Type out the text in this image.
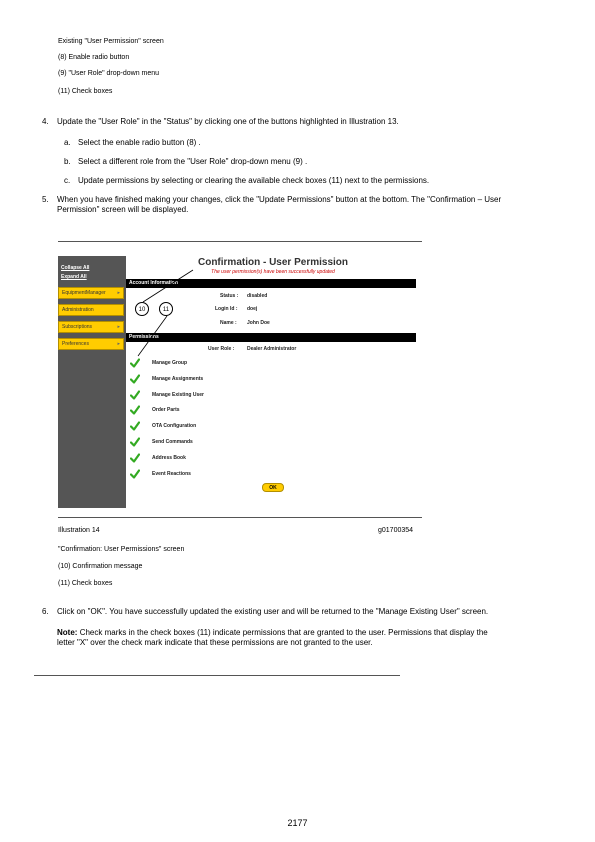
Existing "User Permission" screen
(8) Enable radio button
(9) "User Role" drop-down menu
(11) Check boxes
4. Update the "User Role" in the "Status" by clicking one of the buttons highlighted in Illustration 13.
a. Select the enable radio button (8) .
b. Select a different role from the "User Role" drop-down menu (9) .
c. Update permissions by selecting or clearing the available check boxes (11) next to the permissions.
5. When you have finished making your changes, click the "Update Permissions" button at the bottom. The "Confirmation – User
Permission" screen will be displayed.
Collapse All
Expand All
EquipmentManager ▸
Administration
Subscriptions	▸
Preferences	▸
Confirmation - User Permission
The user permission(s) have been successfully updated
Account Information
Status : disabled
Login Id : doej
Name : John Doe
Permissions
User Role :	Dealer Administrator
10	11
Manage Group
Manage Assignments
Manage Existing User
Order Parts
OTA Configuration
Send Commands
Address Book
Event Reactions
OK
Illustration 14	g01700354
"Confirmation: User Permissions" screen
(10) Confirmation message
(11) Check boxes
6. Click on "OK". You have successfully updated the existing user and will be returned to the "Manage Existing User" screen.
Note: Check marks in the check boxes (11) indicate permissions that are granted to the user. Permissions that display the
letter "X" over the check mark indicate that these permissions are not granted to the user.
2177
